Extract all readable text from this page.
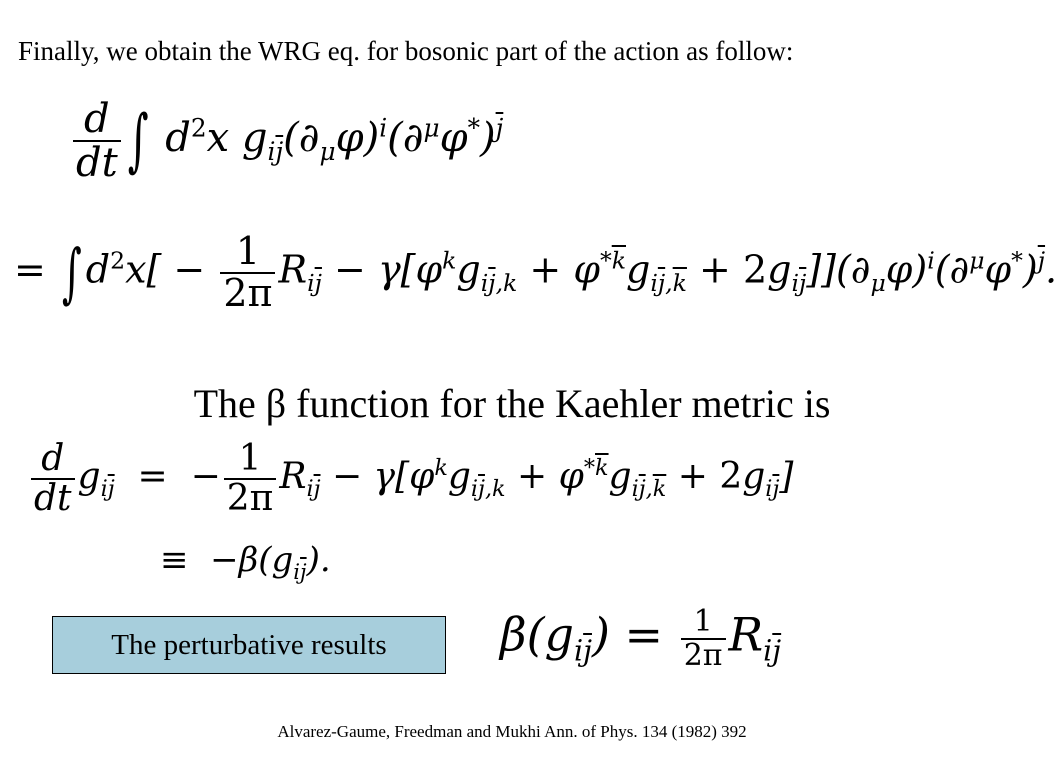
Finally, we obtain the WRG eq. for bosonic part of the action as follow:
$\frac{d}{dt}$ ∫ $d^2x$ $g_{i\overline{j}}(\partial_\mu\varphi)^i(\partial^\mu\varphi^*)^{\overline{j}}$
= ∫ $d^2x[ - \frac{1}{2\pi} R_{i\overline{j}} - \gamma[\varphi^kg_{i\overline{j},k} + \varphi^{*\overline{k}}g_{i\overline{j},\overline{k}} + 2g_{i\overline{j}}]](\partial_\mu\varphi)^i(\partial^\mu\varphi^*)^{\overline{j}}$.
The β function for the Kaehler metric is
$\frac{d}{dt} g_{i\overline{j}}$ =  − $\frac{1}{2\pi} R_{i\overline{j}} - \gamma[\varphi^kg_{i\overline{j},k} + \varphi^{*\overline{k}}g_{i\overline{j},\overline{k}} + 2g_{i\overline{j}}]$
≡  $-\beta(g_{i\overline{j}})$.
The perturbative results	$\beta(g_{i\overline{j}}) = \frac{1}{2\pi} R_{i\overline{j}}$
Alvarez-Gaume, Freedman and Mukhi Ann. of Phys. 134 (1982) 392
